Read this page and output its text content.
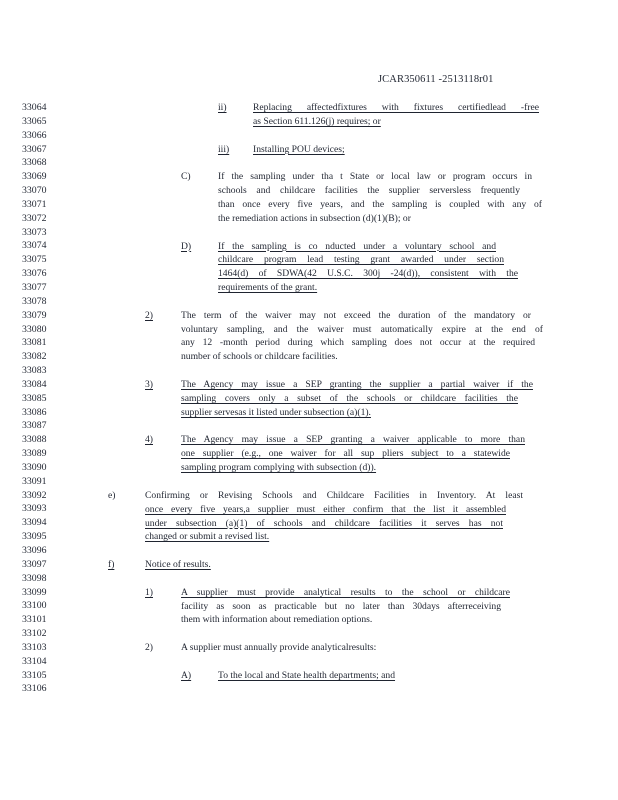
JCAR350611 -2513118r01
33064
33065
33066
33067
33068
33069
33070
33071
33072
33073
33074
33075
33076
33077
33078
33079
33080
33081
33082
33083
33084
33085
33086
33087
33088
33089
33090
33091
33092
33093
33094
33095
33096
33097
33098
33099
33100
33101
33102
33103
33104
33105
33106
ii)	Replacing affectedfixtures with fixtures certifiedlead -free
as Section 611.126(j) requires; or
iii) Installing POU devices;
C)	If the sampling under tha t State or local law or program occurs in
schools and childcare facilities the supplier serversless frequently
than once every five years, and the sampling is coupled with any of
the remediation actions in subsection (d)(1)(B); or
D)	If the sampling is co nducted under a voluntary school and
childcare program lead testing grant awarded under section
1464(d) of SDWA(42 U.S.C. 300j -24(d)), consistent with the
requirements of the grant.
2)	The term of the waiver may not exceed the duration of the mandatory or
voluntary sampling, and the waiver must automatically expire at the end of
any 12 -month period during which sampling does not occur at the required
number of schools or childcare facilities.
3)	The Agency may issue a SEP granting the supplier a partial waiver if the
sampling covers only a subset of the schools or childcare facilities the
supplier servesas it listed under subsection (a)(1).
4)	The Agency may issue a SEP granting a waiver applicable to more than
one supplier (e.g., one waiver for all sup pliers subject to a statewide
sampling program complying with subsection (d)).
e)	Confirming or Revising Schools and Childcare Facilities in Inventory. At least
once every five years,a supplier must either confirm that the list it assembled
under subsection (a)(1) of schools and childcare facilities it serves has not
changed or submit a revised list.
f)	Notice of results.
1)	A supplier must provide analytical results to the school or childcare
facility as soon as practicable but no later than 30days afterreceiving
them with information about remediation options.
2)	A supplier must annually provide analyticalresults:
A)	To the local and State health departments; and
